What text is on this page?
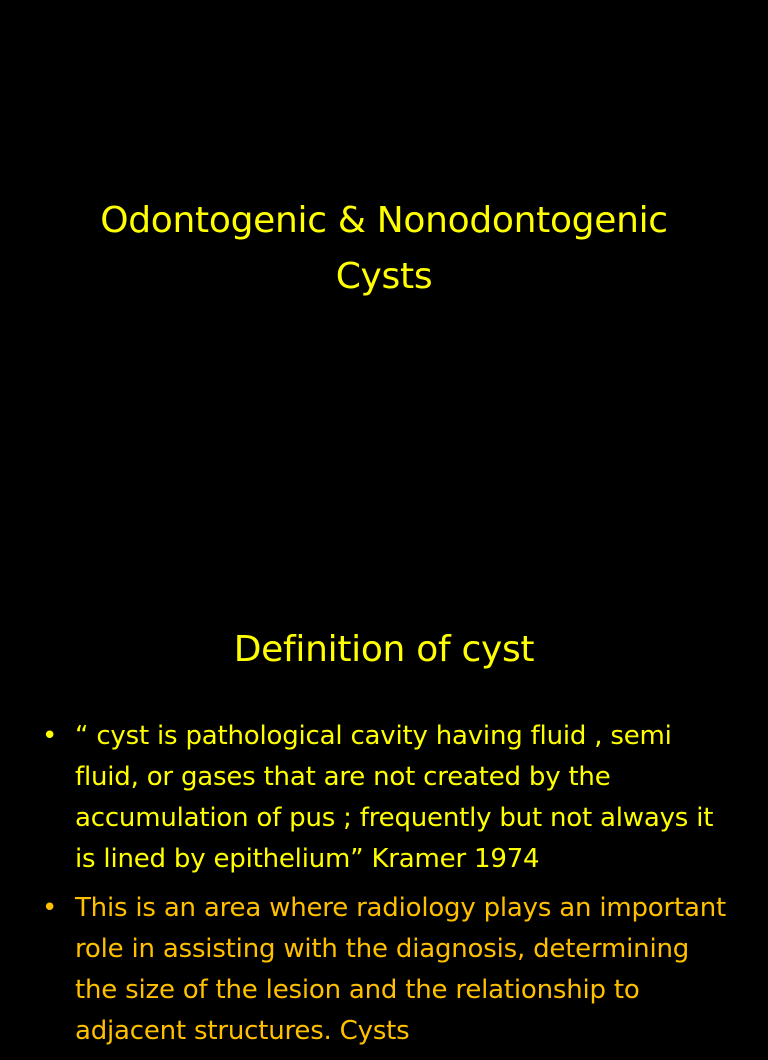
Odontogenic & Nonodontogenic
Cysts
Definition of cyst
• “ cyst is pathological cavity having fluid , semi fluid, or gases that are not created by the accumulation of pus ; frequently but not always it is lined by epithelium” Kramer 1974
• This is an area where radiology plays an important role in assisting with the diagnosis, determining the size of the lesion and the relationship to adjacent structures. Cysts
